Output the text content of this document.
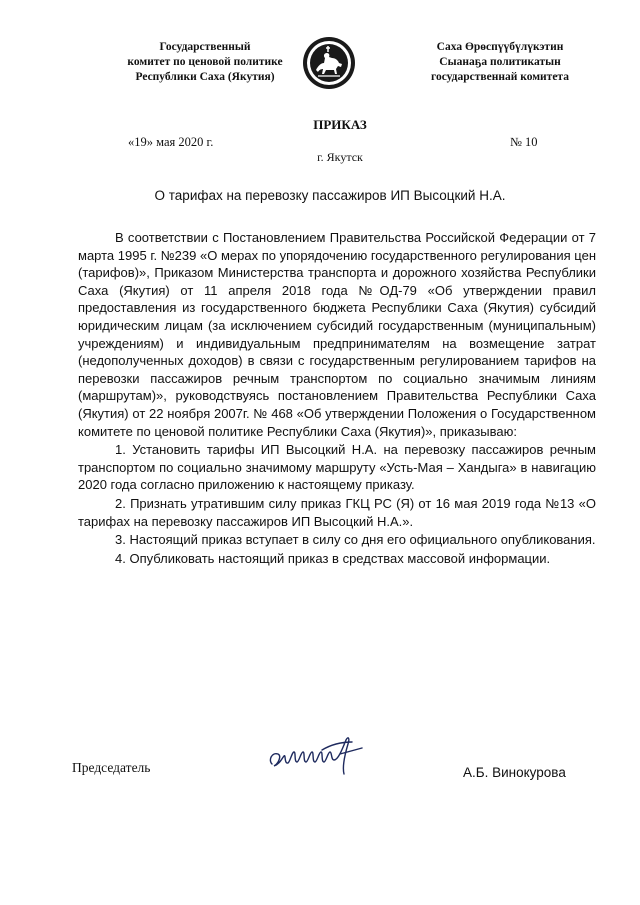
Государственный
комитет по ценовой политике
Республики Саха (Якутия)
Саха Өрөспүүбүлүкэтин
Сыанаҕа политикатын
государственнай комитета
ПРИКАЗ
«19» мая 2020 г.	№ 10
г. Якутск
О тарифах на перевозку пассажиров ИП Высоцкий Н.А.

В соответствии с Постановлением Правительства Российской Федерации от 7 марта 1995 г. №239 «О мерах по упорядочению государственного регулирования цен (тарифов)», Приказом Министерства транспорта и дорожного хозяйства Республики Саха (Якутия) от 11 апреля 2018 года №ОД-79 «Об утверждении правил предоставления из государственного бюджета Республики Саха (Якутия) субсидий юридическим лицам (за исключением субсидий государственным (муниципальным) учреждениям) и индивидуальным предпринимателям на возмещение затрат (недополученных доходов) в связи с государственным регулированием тарифов на перевозки пассажиров речным транспортом по социально значимым линиям (маршрутам)», руководствуясь постановлением Правительства Республики Саха (Якутия) от 22 ноября 2007г. № 468 «Об утверждении Положения о Государственном комитете по ценовой политике Республики Саха (Якутия)», приказываю:

1. Установить тарифы ИП Высоцкий Н.А. на перевозку пассажиров речным транспортом по социально значимому маршруту «Усть-Мая – Хандыга» в навигацию 2020 года согласно приложению к настоящему приказу.

2. Признать утратившим силу приказ ГКЦ РС (Я) от 16 мая 2019 года №13 «О тарифах на перевозку пассажиров ИП Высоцкий Н.А.».

3. Настоящий приказ вступает в силу со дня его официального опубликования.

4. Опубликовать настоящий приказ в средствах массовой информации.

Председатель	А.Б. Винокурова
